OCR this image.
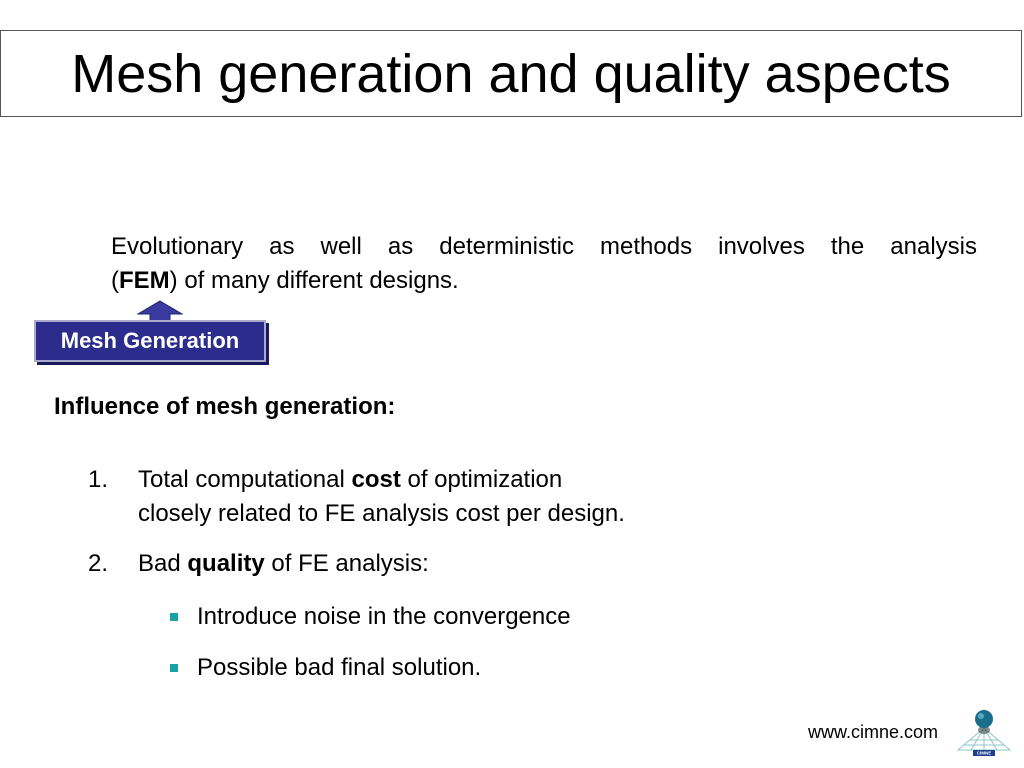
Mesh generation and quality aspects
Evolutionary as well as deterministic methods involves the analysis
(FEM) of many different designs.
Mesh Generation
Influence of mesh generation:
1.	Total computational cost of optimization
closely related to FE analysis cost per design.
2.	Bad quality of FE analysis:
Introduce noise in the convergence
Possible bad final solution.
www.cimne.com
CIMNE
